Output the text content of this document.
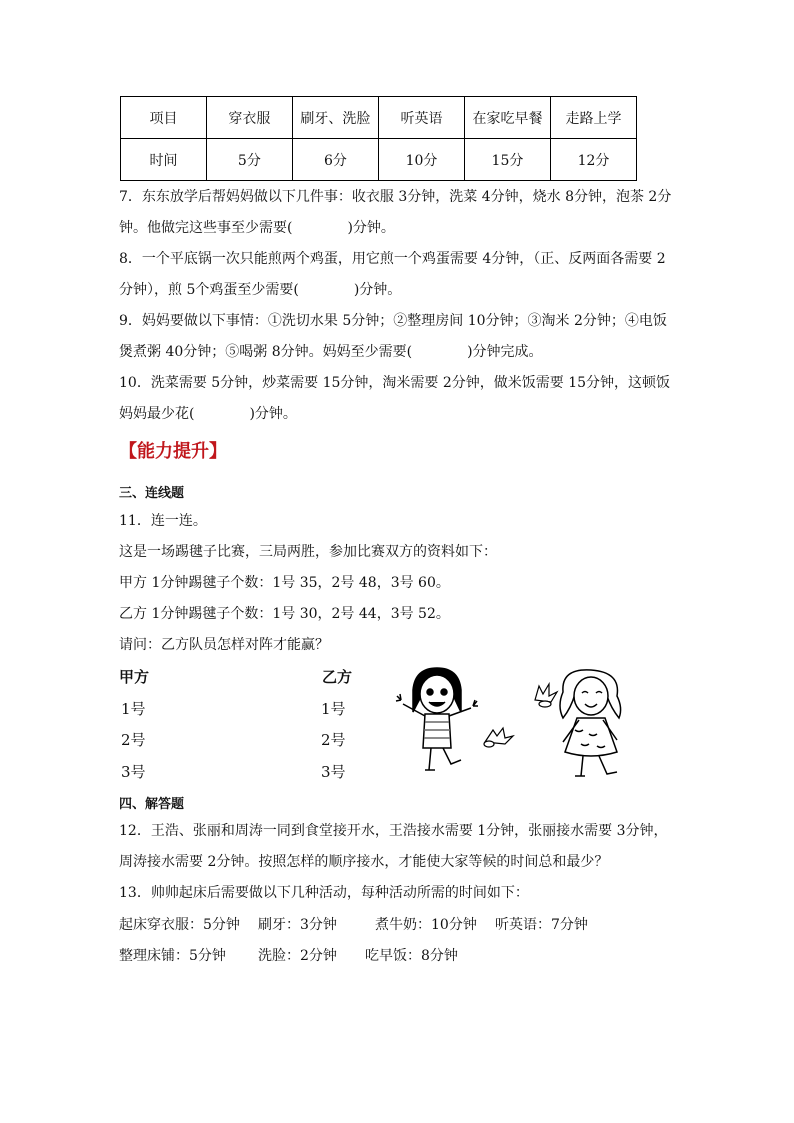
项目	穿衣服	刷牙、洗脸	听英语	在家吃早餐	走路上学
时间	5分	6分	10分	15分	12分

7．东东放学后帮妈妈做以下几件事：收衣服 3分钟，洗菜 4分钟，烧水 8分钟，泡茶 2分

钟。他做完这些事至少需要(	)分钟。

8．一个平底锅一次只能煎两个鸡蛋，用它煎一个鸡蛋需要 4分钟，（正、反两面各需要 2

分钟），煎 5个鸡蛋至少需要(	)分钟。

9．妈妈要做以下事情：①洗切水果 5分钟；②整理房间 10分钟；③淘米 2分钟；④电饭

煲煮粥 40分钟；⑤喝粥 8分钟。妈妈至少需要(	)分钟完成。

10．洗菜需要 5分钟，炒菜需要 15分钟，淘米需要 2分钟，做米饭需要 15分钟，这顿饭

妈妈最少花(	)分钟。

【能力提升】
三、连线题

11．连一连。

这是一场踢毽子比赛，三局两胜，参加比赛双方的资料如下：

甲方 1分钟踢毽子个数：1号 35，2号 48，3号 60。

乙方 1分钟踢毽子个数：1号 30，2号 44，3号 52。

请问：乙方队员怎样对阵才能赢？

甲方	乙方
1号
2号
3号
1号
2号
3号
四、解答题

12．王浩、张丽和周涛一同到食堂接开水，王浩接水需要 1分钟，张丽接水需要 3分钟，

周涛接水需要 2分钟。按照怎样的顺序接水，才能使大家等候的时间总和最少？

13．帅帅起床后需要做以下几种活动，每种活动所需的时间如下：

起床穿衣服：5分钟 刷牙：3分钟	煮牛奶：10分钟 听英语：7分钟
整理床铺：5分钟 洗脸：2分钟 吃早饭：8分钟
